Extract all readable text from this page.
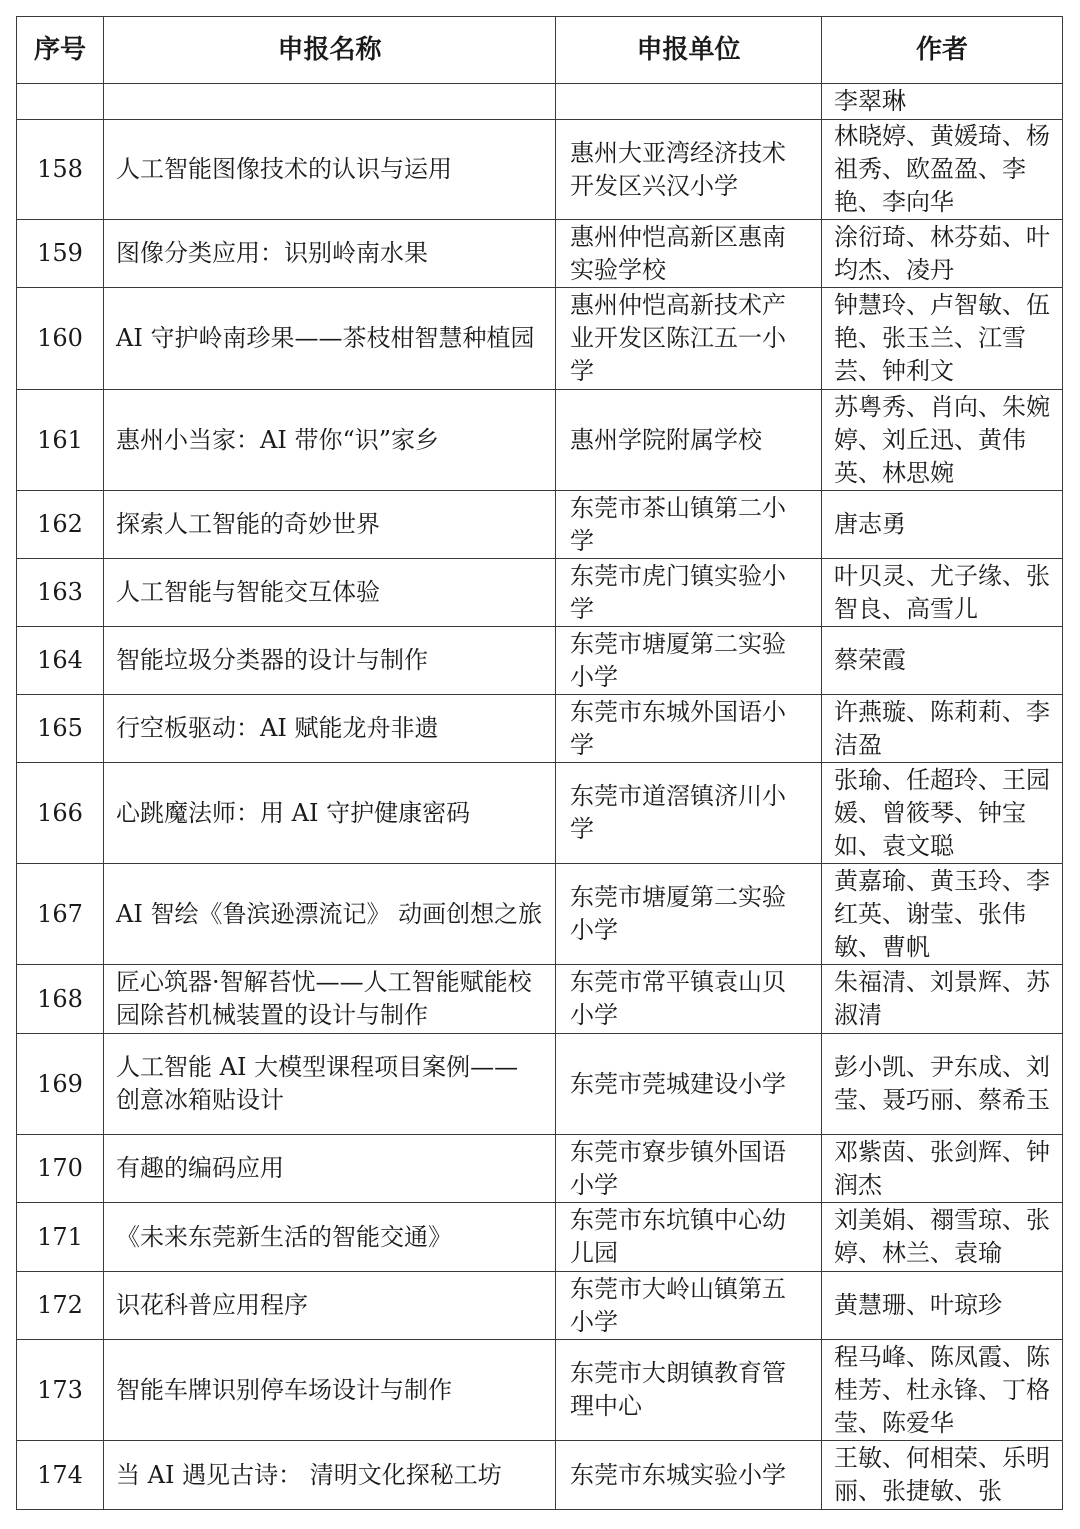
序号	申报名称	申报单位	作者
			李翠琳
158	人工智能图像技术的认识与运用	惠州大亚湾经济技术开发区兴汉小学	林晓婷、黄媛琦、杨祖秀、欧盈盈、李艳、李向华
159	图像分类应用：识别岭南水果	惠州仲恺高新区惠南实验学校	涂衍琦、林芬茹、叶均杰、凌丹
160	AI 守护岭南珍果——茶枝柑智慧种植园	惠州仲恺高新技术产业开发区陈江五一小学	钟慧玲、卢智敏、伍艳、张玉兰、江雪芸、钟利文
161	惠州小当家：AI 带你“识”家乡	惠州学院附属学校	苏粤秀、肖向、朱婉婷、刘丘迅、黄伟英、林思婉
162	探索人工智能的奇妙世界	东莞市茶山镇第二小学	唐志勇
163	人工智能与智能交互体验	东莞市虎门镇实验小学	叶贝灵、尤子缘、张智良、高雪儿
164	智能垃圾分类器的设计与制作	东莞市塘厦第二实验小学	蔡荣霞
165	行空板驱动：AI 赋能龙舟非遗	东莞市东城外国语小学	许燕璇、陈莉莉、李洁盈
166	心跳魔法师：用 AI 守护健康密码	东莞市道滘镇济川小学	张瑜、任超玲、王园媛、曾筱琴、钟宝如、袁文聪
167	AI 智绘《鲁滨逊漂流记》 动画创想之旅	东莞市塘厦第二实验小学	黄嘉瑜、黄玉玲、李红英、谢莹、张伟敏、曹帆
168	匠心筑器·智解苔忧——人工智能赋能校园除苔机械装置的设计与制作	东莞市常平镇袁山贝小学	朱福清、刘景辉、苏淑清
169	人工智能 AI 大模型课程项目案例—— 创意冰箱贴设计	东莞市莞城建设小学	彭小凯、尹东成、刘莹、聂巧丽、蔡希玉
170	有趣的编码应用	东莞市寮步镇外国语小学	邓紫茵、张剑辉、钟润杰
171	《未来东莞新生活的智能交通》	东莞市东坑镇中心幼儿园	刘美娟、禤雪琼、张婷、林兰、袁瑜
172	识花科普应用程序	东莞市大岭山镇第五小学	黄慧珊、叶琼珍
173	智能车牌识别停车场设计与制作	东莞市大朗镇教育管理中心	程马峰、陈凤霞、陈桂芳、杜永锋、丁格莹、陈爱华
174	当 AI 遇见古诗： 清明文化探秘工坊	东莞市东城实验小学	王敏、何相荣、乐明丽、张捷敏、张
